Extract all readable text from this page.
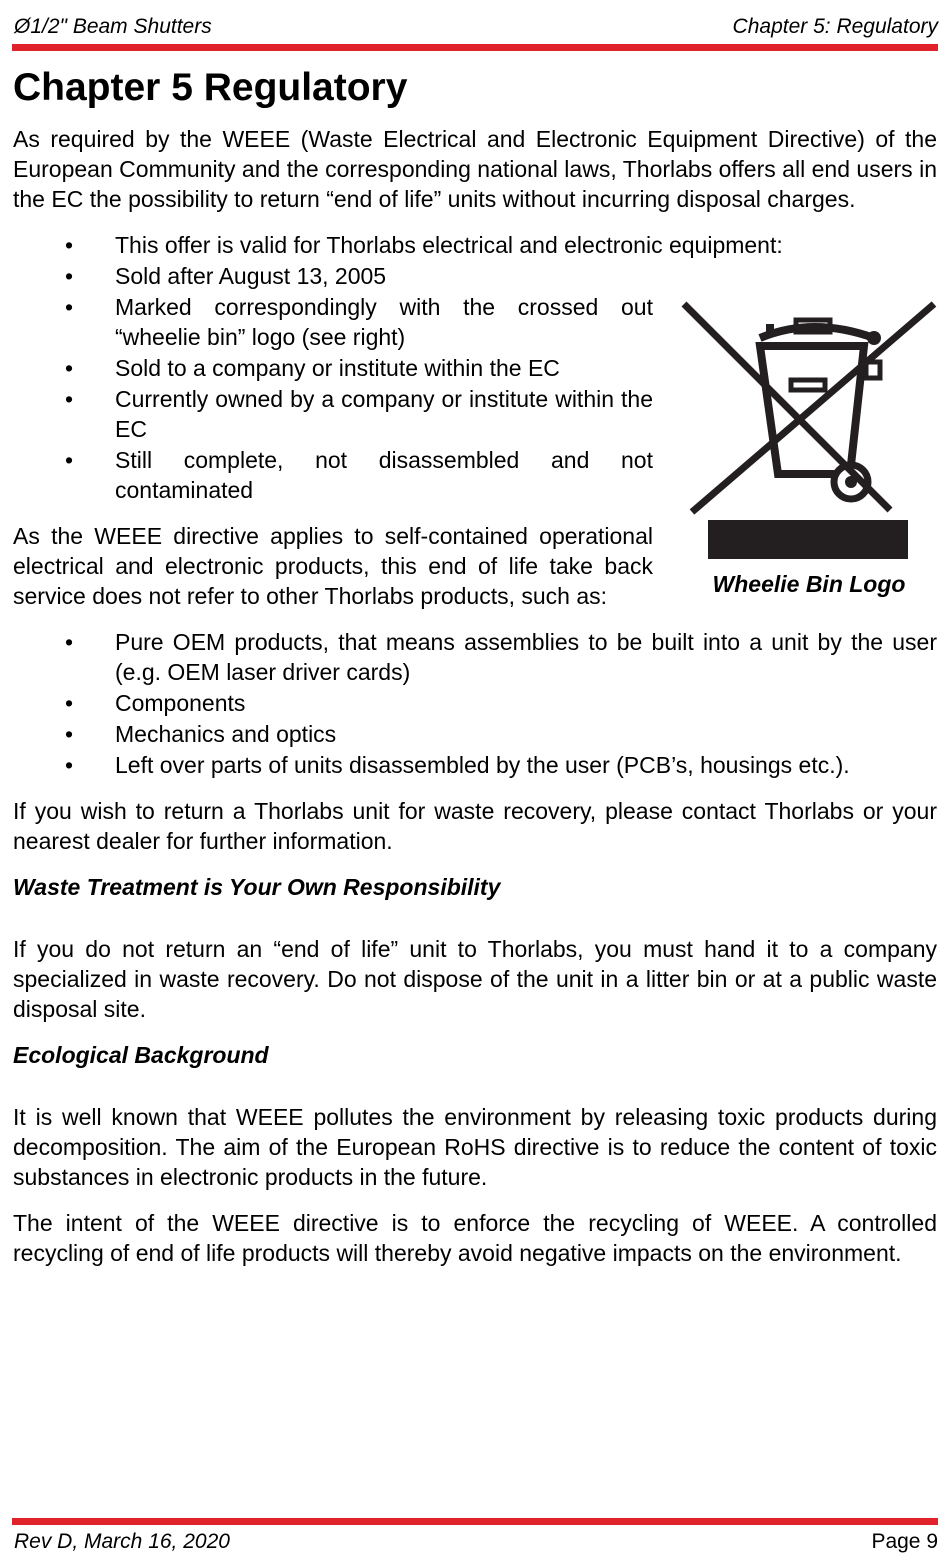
Ø1/2" Beam Shutters	Chapter 5: Regulatory
Wheelie Bin Logo
Chapter 5 Regulatory

As required by the WEEE (Waste Electrical and Electronic Equipment Directive) of the European Community and the corresponding national laws, Thorlabs offers all end users in the EC the possibility to return “end of life” units without incurring disposal charges.

• This offer is valid for Thorlabs electrical and electronic equipment:
• Sold after August 13, 2005
• Marked correspondingly with the crossed out “wheelie bin” logo (see right)
• Sold to a company or institute within the EC
• Currently owned by a company or institute within the EC
• Still complete, not disassembled and not contaminated

As the WEEE directive applies to self-contained operational electrical and electronic products, this end of life take back service does not refer to other Thorlabs products, such as:

• Pure OEM products, that means assemblies to be built into a unit by the user (e.g. OEM laser driver cards)
• Components
• Mechanics and optics
• Left over parts of units disassembled by the user (PCB’s, housings etc.).

If you wish to return a Thorlabs unit for waste recovery, please contact Thorlabs or your nearest dealer for further information.

Waste Treatment is Your Own Responsibility

If you do not return an “end of life” unit to Thorlabs, you must hand it to a company specialized in waste recovery. Do not dispose of the unit in a litter bin or at a public waste disposal site.

Ecological Background

It is well known that WEEE pollutes the environment by releasing toxic products during decomposition. The aim of the European RoHS directive is to reduce the content of toxic substances in electronic products in the future.

The intent of the WEEE directive is to enforce the recycling of WEEE. A controlled recycling of end of life products will thereby avoid negative impacts on the environment.

Rev D, March 16, 2020	Page 9
